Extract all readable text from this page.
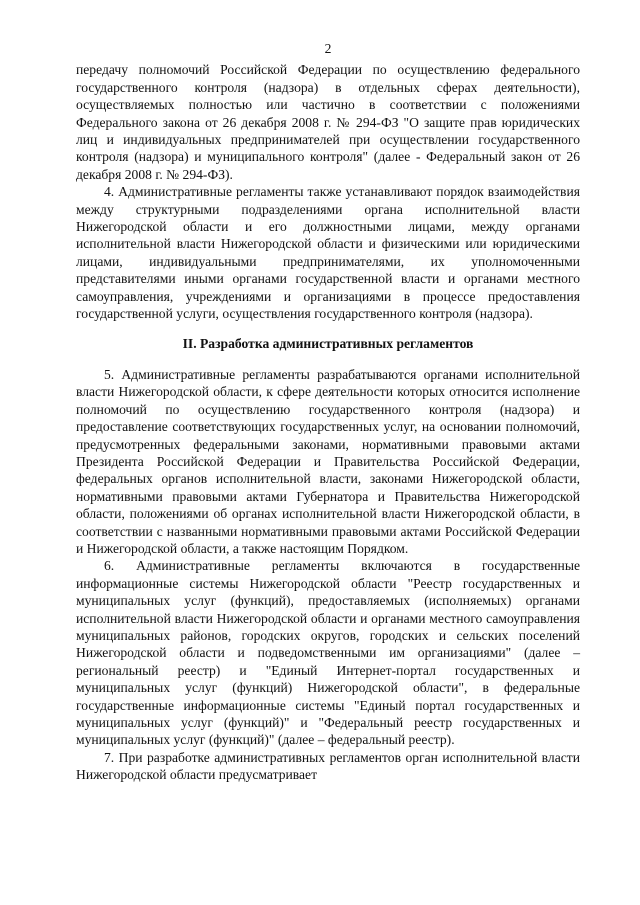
2

передачу полномочий Российской Федерации по осуществлению федерального государственного контроля (надзора) в отдельных сферах деятельности), осуществляемых полностью или частично в соответствии с положениями Федерального закона от 26 декабря 2008 г. № 294-ФЗ "О защите прав юридических лиц и индивидуальных предпринимателей при осуществлении государственного контроля (надзора) и муниципального контроля" (далее - Федеральный закон от 26 декабря 2008 г. № 294-ФЗ).

4. Административные регламенты также устанавливают порядок взаимодействия между структурными подразделениями органа исполнительной власти Нижегородской области и его должностными лицами, между органами исполнительной власти Нижегородской области и физическими или юридическими лицами, индивидуальными предпринимателями, их уполномоченными представителями иными органами государственной власти и органами местного самоуправления, учреждениями и организациями в процессе предоставления государственной услуги, осуществления государственного контроля (надзора).

II. Разработка административных регламентов

5. Административные регламенты разрабатываются органами исполнительной власти Нижегородской области, к сфере деятельности которых относится исполнение полномочий по осуществлению государственного контроля (надзора) и предоставление соответствующих государственных услуг, на основании полномочий, предусмотренных федеральными законами, нормативными правовыми актами Президента Российской Федерации и Правительства Российской Федерации, федеральных органов исполнительной власти, законами Нижегородской области, нормативными правовыми актами Губернатора и Правительства Нижегородской области, положениями об органах исполнительной власти Нижегородской области, в соответствии с названными нормативными правовыми актами Российской Федерации и Нижегородской области, а также настоящим Порядком.

6. Административные регламенты включаются в государственные информационные системы Нижегородской области "Реестр государственных и муниципальных услуг (функций), предоставляемых (исполняемых) органами исполнительной власти Нижегородской области и органами местного самоуправления муниципальных районов, городских округов, городских и сельских поселений Нижегородской области и подведомственными им организациями" (далее – региональный реестр) и "Единый Интернет-портал государственных и муниципальных услуг (функций) Нижегородской области", в федеральные государственные информационные системы "Единый портал государственных и муниципальных услуг (функций)" и "Федеральный реестр государственных и муниципальных услуг (функций)" (далее – федеральный реестр).

7. При разработке административных регламентов орган исполнительной власти Нижегородской области предусматривает
